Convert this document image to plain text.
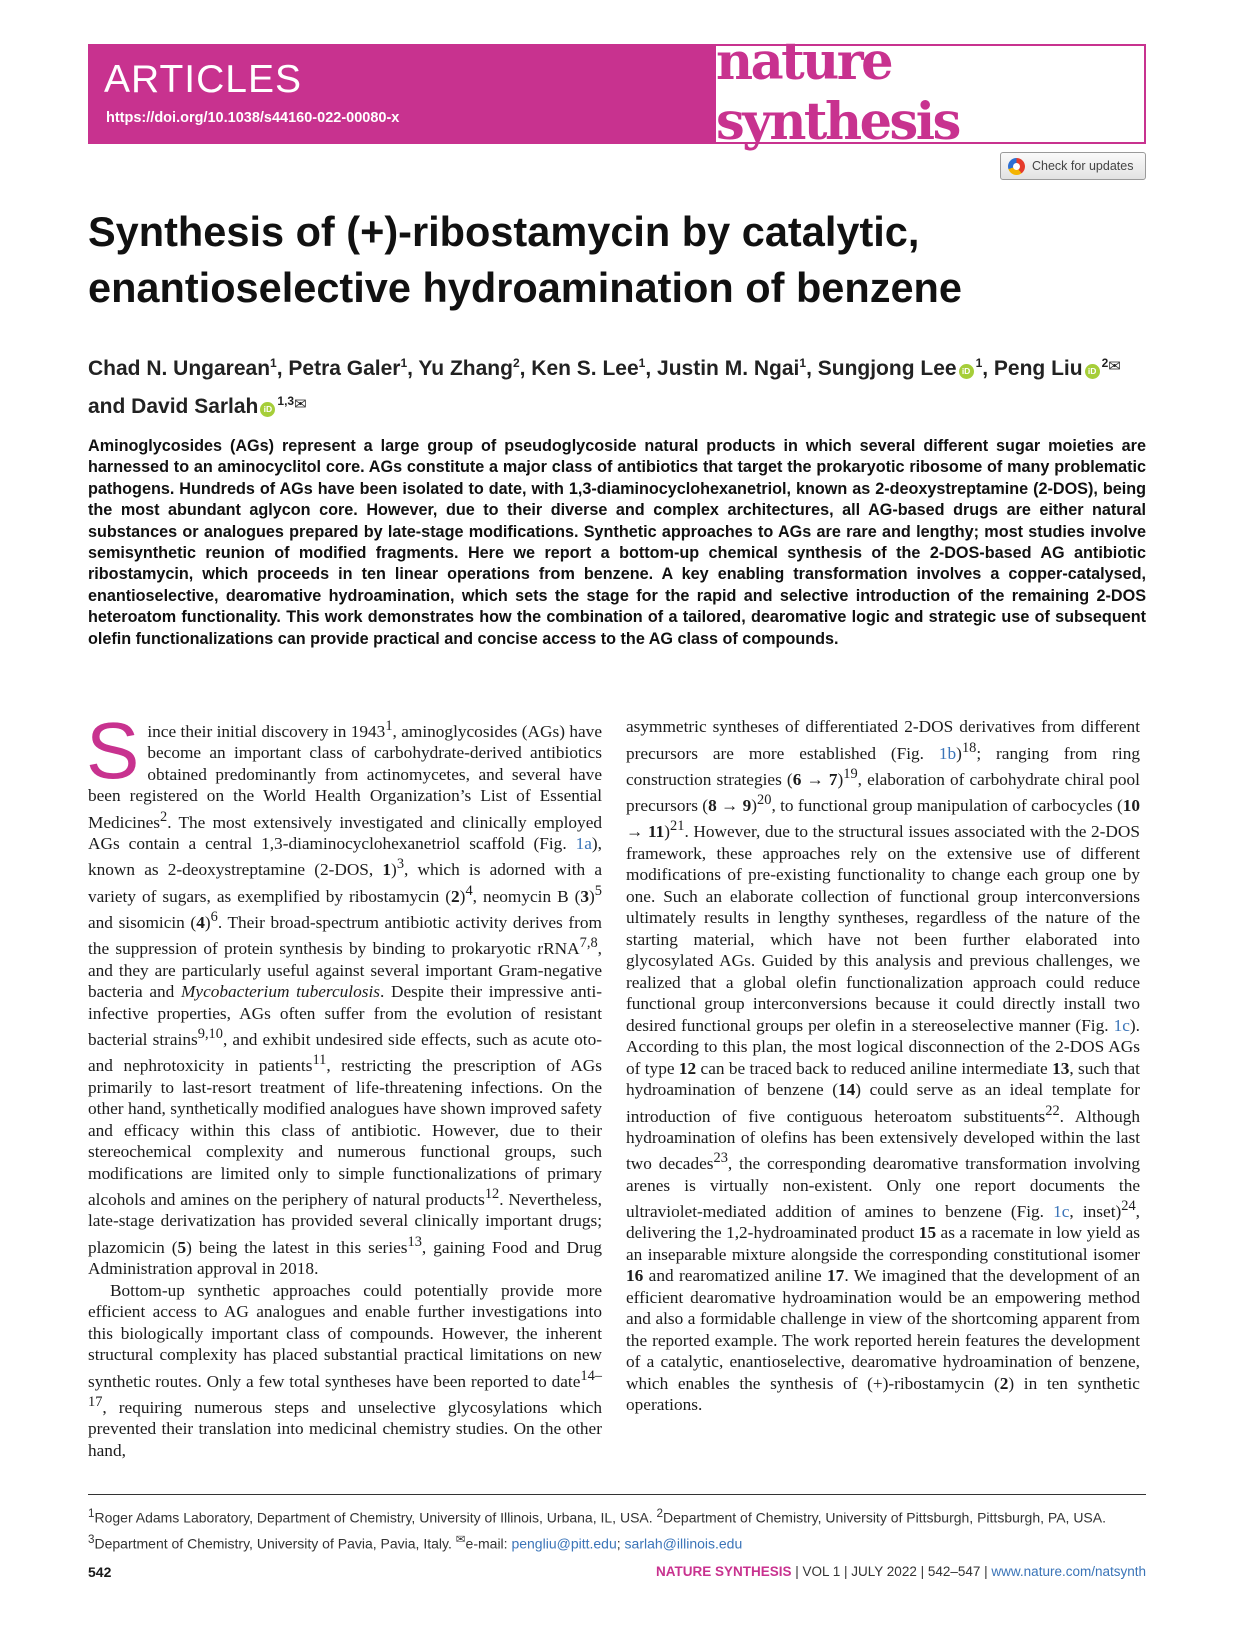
ARTICLES
https://doi.org/10.1038/s44160-022-00080-x
nature synthesis
Check for updates
Synthesis of (+)-ribostamycin by catalytic, enantioselective hydroamination of benzene
Chad N. Ungarean$^1$, Petra Galer$^1$, Yu Zhang$^2$, Ken S. Lee$^1$, Justin M. Ngai$^1$, Sungjong Lee $iD^1$, Peng Liu $iD^2✉$ and David Sarlah iD$^{1,3}$✉

Aminoglycosides (AGs) represent a large group of pseudoglycoside natural products in which several different sugar moieties are harnessed to an aminocyclitol core. AGs constitute a major class of antibiotics that target the prokaryotic ribosome of many problematic pathogens. Hundreds of AGs have been isolated to date, with 1,3-diaminocyclohexanetriol, known as 2-deoxystreptamine (2-DOS), being the most abundant aglycon core. However, due to their diverse and complex architectures, all AG-based drugs are either natural substances or analogues prepared by late-stage modifications. Synthetic approaches to AGs are rare and lengthy; most studies involve semisynthetic reunion of modified fragments. Here we report a bottom-up chemical synthesis of the 2-DOS-based AG antibiotic ribostamycin, which proceeds in ten linear operations from benzene. A key enabling transformation involves a copper-catalysed, enantioselective, dearomative hydroamination, which sets the stage for the rapid and selective introduction of the remaining 2-DOS heteroatom functionality. This work demonstrates how the combination of a tailored, dearomative logic and strategic use of subsequent olefin functionalizations can provide practical and concise access to the AG class of compounds.

Since their initial discovery in 1943$^1$, aminoglycosides (AGs) have become an important class of carbohydrate-derived antibiotics obtained predominantly from actinomycetes, and several have been registered on the World Health Organization’s List of Essential Medicines$^2$. The most extensively investigated and clinically employed AGs contain a central 1,3-diaminocyclohexanetriol scaffold (Fig. 1a), known as 2-deoxystreptamine (2-DOS, 1)$^3$, which is adorned with a variety of sugars, as exemplified by ribostamycin $(2)^4$, neomycin B $(3)^5$ and sisomicin $(4)^6$. Their broad-spectrum antibiotic activity derives from the suppression of protein synthesis by binding to prokaryotic rRNA$^{7,8}$, and they are particularly useful against several important Gram-negative bacteria and Mycobacterium tuberculosis. Despite their impressive anti-infective properties, AGs often suffer from the evolution of resistant bacterial strains$^{9,10}$, and exhibit undesired side effects, such as acute oto- and nephrotoxicity in patients$^{11}$, restricting the prescription of AGs primarily to last-resort treatment of life-threatening infections. On the other hand, synthetically modified analogues have shown improved safety and efficacy within this class of antibiotic. However, due to their stereochemical complexity and numerous functional groups, such modifications are limited only to simple functionalizations of primary alcohols and amines on the periphery of natural products$^{12}$. Nevertheless, late-stage derivatization has provided several clinically important drugs; plazomicin (5) being the latest in this series$^{13}$, gaining Food and Drug Administration approval in 2018.

Bottom-up synthetic approaches could potentially provide more efficient access to AG analogues and enable further investigations into this biologically important class of compounds. However, the inherent structural complexity has placed substantial practical limitations on new synthetic routes. Only a few total syntheses have been reported to date$^{14-17}$, requiring numerous steps and unselective glycosylations which prevented their translation into medicinal chemistry studies. On the other hand,

asymmetric syntheses of differentiated 2-DOS derivatives from different precursors are more established (Fig. 1b)$^{18}$; ranging from ring construction strategies $(6 \to 7)^{19}$, elaboration of carbohydrate chiral pool precursors $(8 \to 9)^{20}$, to functional group manipulation of carbocycles $(10 \to 11)^{21}$. However, due to the structural issues associated with the 2-DOS framework, these approaches rely on the extensive use of different modifications of pre-existing functionality to change each group one by one. Such an elaborate collection of functional group interconversions ultimately results in lengthy syntheses, regardless of the nature of the starting material, which have not been further elaborated into glycosylated AGs. Guided by this analysis and previous challenges, we realized that a global olefin functionalization approach could reduce functional group interconversions because it could directly install two desired functional groups per olefin in a stereoselective manner (Fig. 1c). According to this plan, the most logical disconnection of the 2-DOS AGs of type 12 can be traced back to reduced aniline intermediate 13, such that hydroamination of benzene (14) could serve as an ideal template for introduction of five contiguous heteroatom substituents$^{22}$. Although hydroamination of olefins has been extensively developed within the last two decades$^{23}$, the corresponding dearomative transformation involving arenes is virtually non-existent. Only one report documents the ultraviolet-mediated addition of amines to benzene (Fig. 1c, inset)$^{24}$, delivering the 1,2-hydroaminated product 15 as a racemate in low yield as an inseparable mixture alongside the corresponding constitutional isomer 16 and rearomatized aniline 17. We imagined that the development of an efficient dearomative hydroamination would be an empowering method and also a formidable challenge in view of the shortcoming apparent from the reported example. The work reported herein features the development of a catalytic, enantioselective, dearomative hydroamination of benzene, which enables the synthesis of (+)-ribostamycin (2) in ten synthetic operations.

$^1$Roger Adams Laboratory, Department of Chemistry, University of Illinois, Urbana, IL, USA. $^2$Department of Chemistry, University of Pittsburgh, Pittsburgh, PA, USA. $^3$Department of Chemistry, University of Pavia, Pavia, Italy. ✉e-mail: pengliu@pitt.edu; sarlah@illinois.edu

542	NATURE SYNTHESIS | VOL 1 | JULY 2022 | 542–547 | www.nature.com/natsynth
